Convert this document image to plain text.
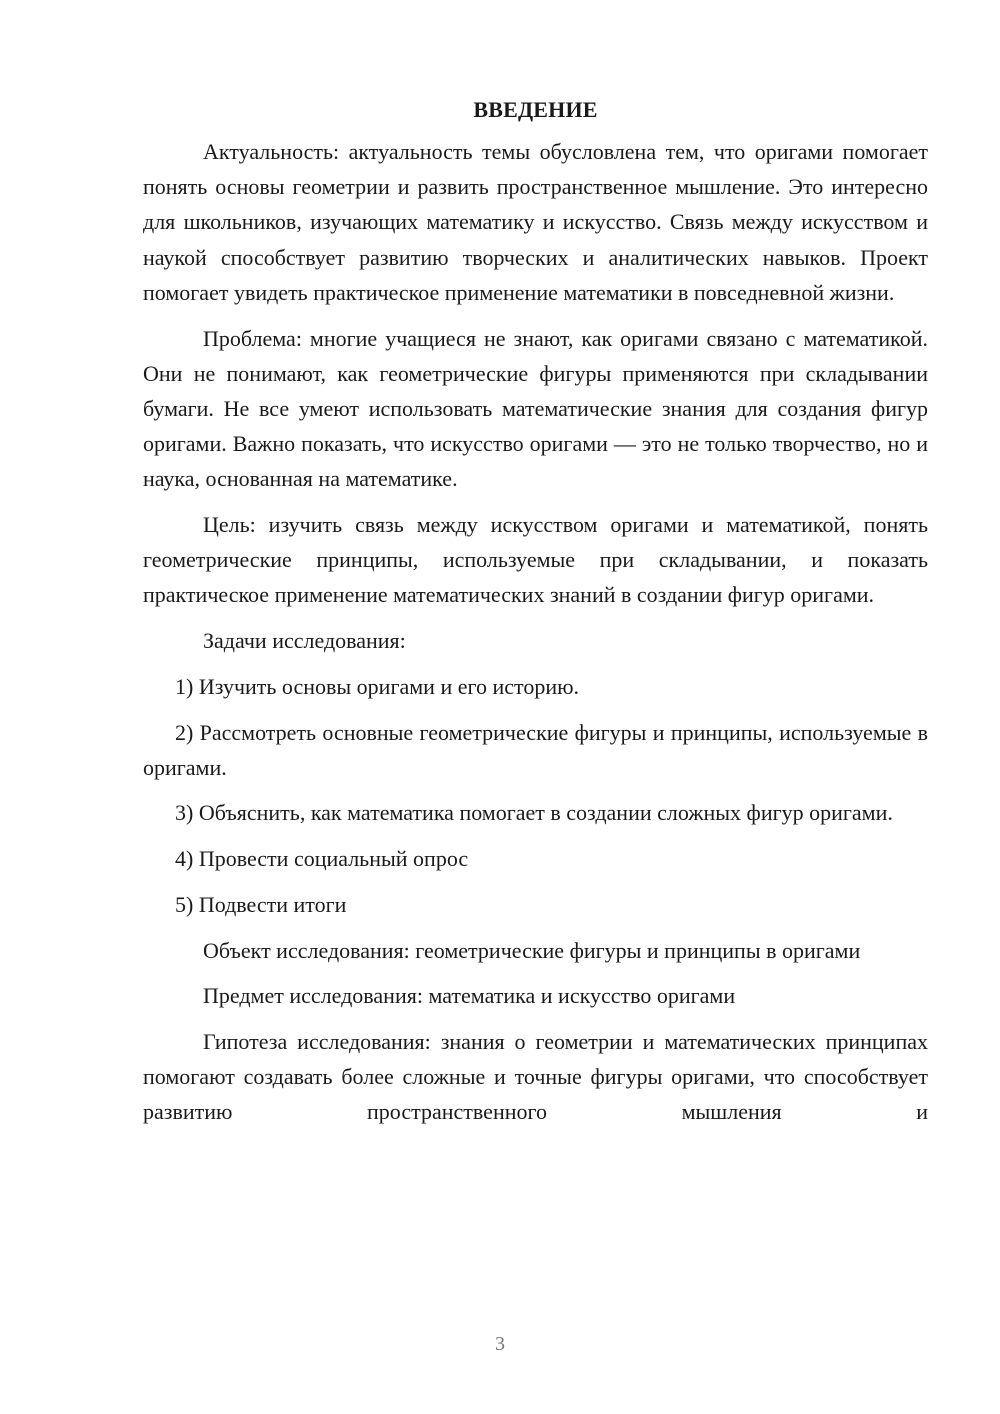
ВВЕДЕНИЕ

Актуальность: актуальность темы обусловлена тем, что оригами помогает понять основы геометрии и развить пространственное мышление. Это интересно для школьников, изучающих математику и искусство. Связь между искусством и наукой способствует развитию творческих и аналитических навыков. Проект помогает увидеть практическое применение математики в повседневной жизни.

Проблема: многие учащиеся не знают, как оригами связано с математикой. Они не понимают, как геометрические фигуры применяются при складывании бумаги. Не все умеют использовать математические знания для создания фигур оригами. Важно показать, что искусство оригами — это не только творчество, но и наука, основанная на математике.

Цель: изучить связь между искусством оригами и математикой, понять геометрические принципы, используемые при складывании, и показать практическое применение математических знаний в создании фигур оригами.

Задачи исследования:

1) Изучить основы оригами и его историю.

2) Рассмотреть основные геометрические фигуры и принципы, используемые в оригами.

3) Объяснить, как математика помогает в создании сложных фигур оригами.

4) Провести социальный опрос

5) Подвести итоги

Объект исследования: геометрические фигуры и принципы в оригами

Предмет исследования: математика и искусство оригами

Гипотеза исследования: знания о геометрии и математических принципах помогают создавать более сложные и точные фигуры оригами, что способствует развитию пространственного мышления и

3
